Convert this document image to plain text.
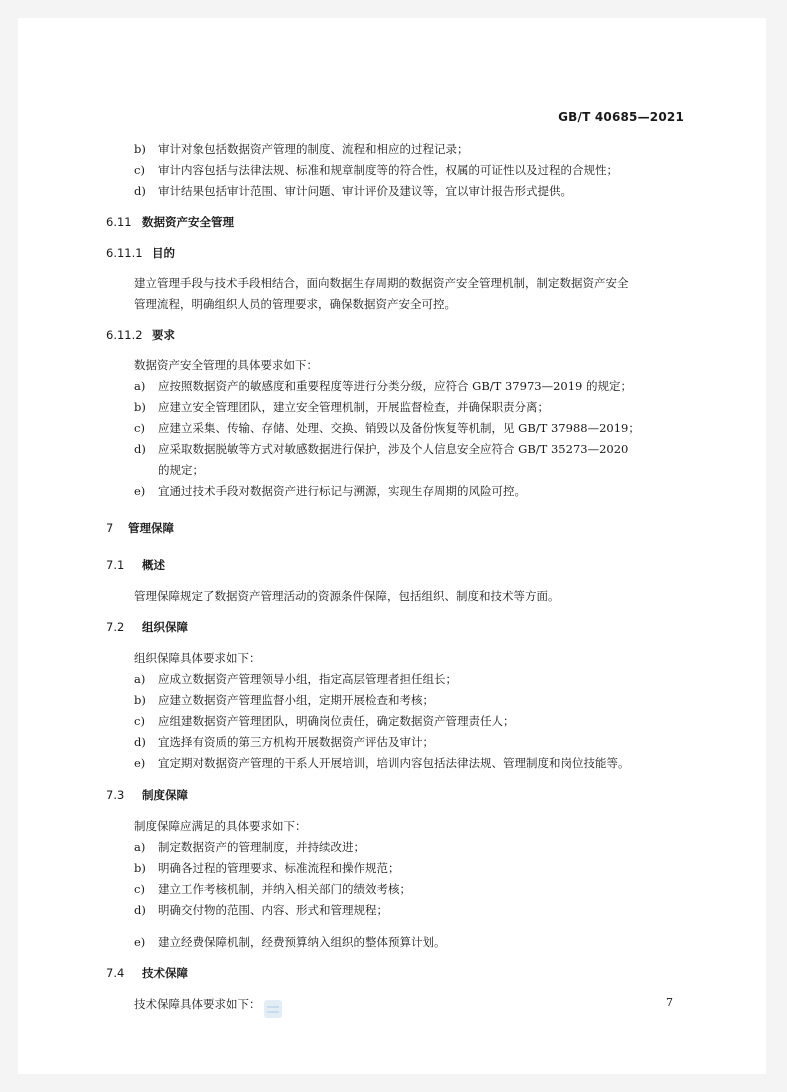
GB/T 40685—2021
b) 审计对象包括数据资产管理的制度、流程和相应的过程记录；
c) 审计内容包括与法律法规、标准和规章制度等的符合性，权属的可证性以及过程的合规性；
d) 审计结果包括审计范围、审计问题、审计评价及建议等，宜以审计报告形式提供。
6.11 数据资产安全管理
6.11.1 目的
建立管理手段与技术手段相结合，面向数据生存周期的数据资产安全管理机制，制定数据资产安全
管理流程，明确组织人员的管理要求，确保数据资产安全可控。
6.11.2 要求
数据资产安全管理的具体要求如下：
a) 应按照数据资产的敏感度和重要程度等进行分类分级，应符合 GB/T 37973—2019 的规定；
b) 应建立安全管理团队，建立安全管理机制，开展监督检查，并确保职责分离；
c) 应建立采集、传输、存储、处理、交换、销毁以及备份恢复等机制，见 GB/T 37988—2019；
d) 应采取数据脱敏等方式对敏感数据进行保护，涉及个人信息安全应符合 GB/T 35273—2020
的规定；
e) 宜通过技术手段对数据资产进行标记与溯源，实现生存周期的风险可控。
7 管理保障
7.1 概述
管理保障规定了数据资产管理活动的资源条件保障，包括组织、制度和技术等方面。
7.2 组织保障
组织保障具体要求如下：
a) 应成立数据资产管理领导小组，指定高层管理者担任组长；
b) 应建立数据资产管理监督小组，定期开展检查和考核；
c) 应组建数据资产管理团队，明确岗位责任，确定数据资产管理责任人；
d) 宜选择有资质的第三方机构开展数据资产评估及审计；
e) 宜定期对数据资产管理的干系人开展培训，培训内容包括法律法规、管理制度和岗位技能等。
7.3 制度保障
制度保障应满足的具体要求如下：
a) 制定数据资产的管理制度，并持续改进；
b) 明确各过程的管理要求、标准流程和操作规范；
c) 建立工作考核机制，并纳入相关部门的绩效考核；
d) 明确交付物的范围、内容、形式和管理规程；
e) 建立经费保障机制，经费预算纳入组织的整体预算计划。
7.4 技术保障
技术保障具体要求如下：	7
